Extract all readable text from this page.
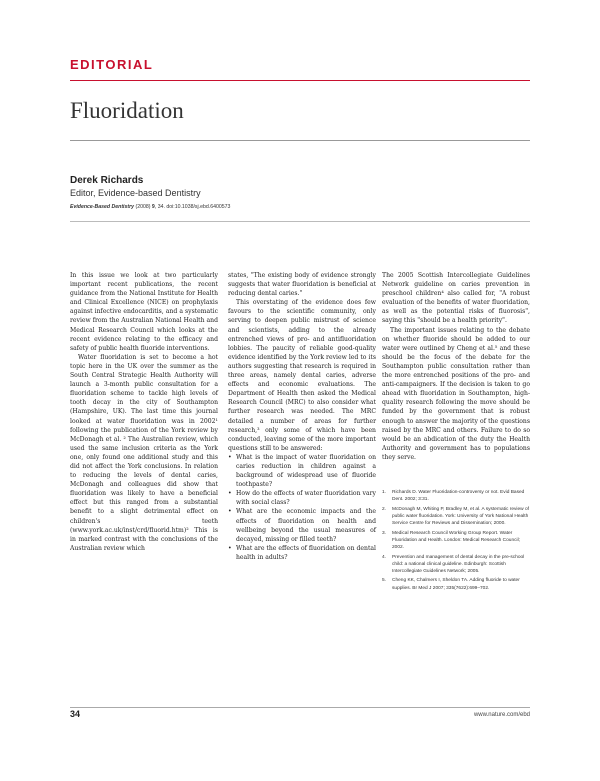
EDITORIAL
Fluoridation
Derek Richards
Editor, Evidence-based Dentistry
Evidence-Based Dentistry (2008) 9, 34. doi:10.1038/sj.ebd.6400573

In this issue we look at two particularly important recent publications, the recent guidance from the National Institute for Health and Clinical Excellence (NICE) on prophylaxis against infective endocarditis, and a systematic review from the Australian National Health and Medical Research Council which looks at the recent evidence relating to the efficacy and safety of public health fluoride interventions.

Water fluoridation is set to become a hot topic here in the UK over the summer as the South Central Strategic Health Authority will launch a 3-month public consultation for a fluoridation scheme to tackle high levels of tooth decay in the city of Southampton (Hampshire, UK). The last time this journal looked at water fluoridation was in 2002¹ following the publication of the York review by McDonagh et al. ² The Australian review, which used the same inclusion criteria as the York one, only found one additional study and this did not affect the York conclusions. In relation to reducing the levels of dental caries, McDonagh and colleagues did show that fluoridation was likely to have a beneficial effect but this ranged from a substantial benefit to a slight detrimental effect on children's teeth (www.york.ac.uk/inst/crd/fluorid.htm)² This is in marked contrast with the conclusions of the Australian review which

states, "The existing body of evidence strongly suggests that water fluoridation is beneficial at reducing dental caries."

This overstating of the evidence does few favours to the scientific community, only serving to deepen public mistrust of science and scientists, adding to the already entrenched views of pro- and antifluoridation lobbies. The paucity of reliable good-quality evidence identified by the York review led to its authors suggesting that research is required in three areas, namely dental caries, adverse effects and economic evaluations. The Department of Health then asked the Medical Research Council (MRC) to also consider what further research was needed. The MRC detailed a number of areas for further research,³ only some of which have been conducted, leaving some of the more important questions still to be answered:

• What is the impact of water fluoridation on caries reduction in children against a background of widespread use of fluoride toothpaste?
• How do the effects of water fluoridation vary with social class?
• What are the economic impacts and the effects of fluoridation on health and wellbeing beyond the usual measures of decayed, missing or filled teeth?
• What are the effects of fluoridation on dental health in adults?

The 2005 Scottish Intercollegiate Guidelines Network guideline on caries prevention in preschool children⁴ also called for, "A robust evaluation of the benefits of water fluoridation, as well as the potential risks of fluorosis", saying this "should be a health priority".

The important issues relating to the debate on whether fluoride should be added to our water were outlined by Cheng et al.⁵ and these should be the focus of the debate for the Southampton public consultation rather than the more entrenched positions of the pro- and anti-campaigners. If the decision is taken to go ahead with fluoridation in Southampton, high-quality research following the move should be funded by the government that is robust enough to answer the majority of the questions raised by the MRC and others. Failure to do so would be an abdication of the duty the Health Authority and government has to populations they serve.

1. Richards D. Water Fluoridation-controversy or not. Evid Based Dent. 2002; 3:31.
2. McDonagh M, Whiting P, Bradley M, et al. A systematic review of public water fluoridation. York: University of York National Health Service Centre for Reviews and Dissemination; 2000.
3. Medical Research Council Working Group Report. Water Fluoridation and Health. London: Medical Research Council; 2002.
4. Prevention and management of dental decay in the pre-school child: a national clinical guideline. Edinburgh: Scottish Intercollegiate Guidelines Network; 2005.
5. Cheng KK, Chalmers I, Sheldon TA. Adding fluoride to water supplies. Br Med J 2007; 335(7622):699–702.
34	www.nature.com/ebd
